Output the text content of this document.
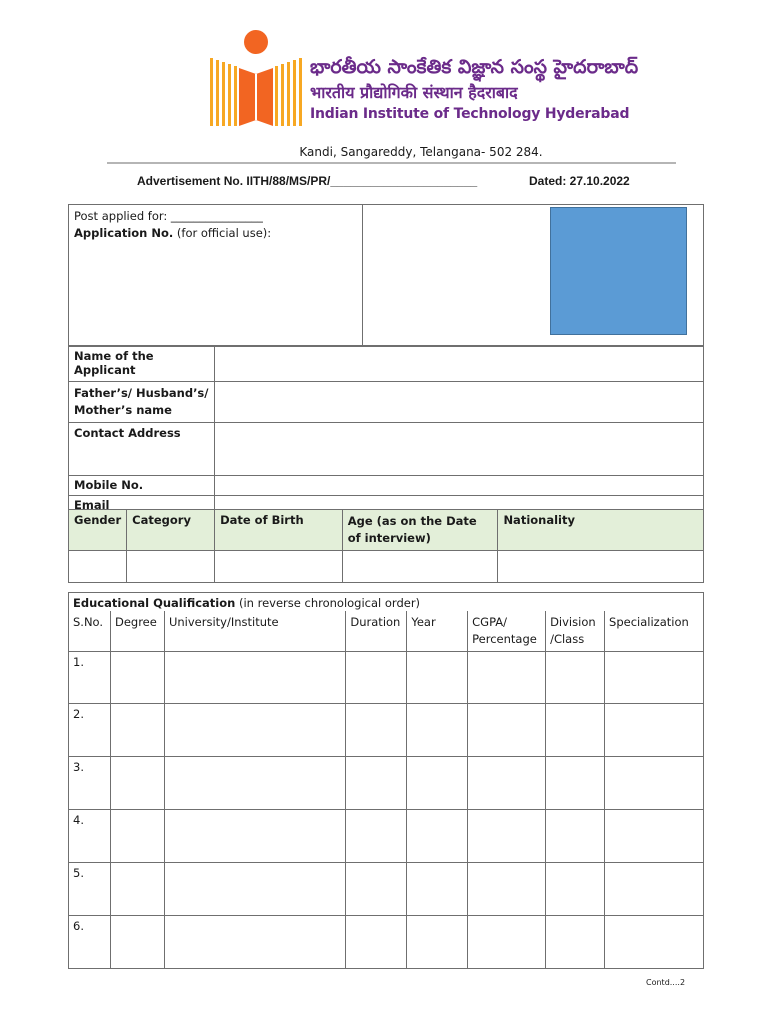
భారతీయ సాంకేతిక విజ్ఞాన సంస్థ హైదరాబాద్
भारतीय प्रौद्योगिकी संस्थान हैदराबाद
Indian Institute of Technology Hyderabad
Kandi, Sangareddy, Telangana- 502 284.
Advertisement No. IITH/88/MS/PR/______________________	Dated: 27.10.2022
Post applied for: ________________
Application No. (for official use):

Name of the Applicant	

Father’s/ Husband’s/
Mother’s name	

Contact Address	
Mobile No.	
Email	
Gender	Category	Date of Birth	Age (as on the Date of interview)	Nationality

Educational Qualification (in reverse chronological order)							
S.No.	Degree	University/Institute	Duration	Year	CGPA/ Percentage	Division /Class	Specialization
1.							
2.							
3.							
4.							
5.							
6.							
Contd....2
